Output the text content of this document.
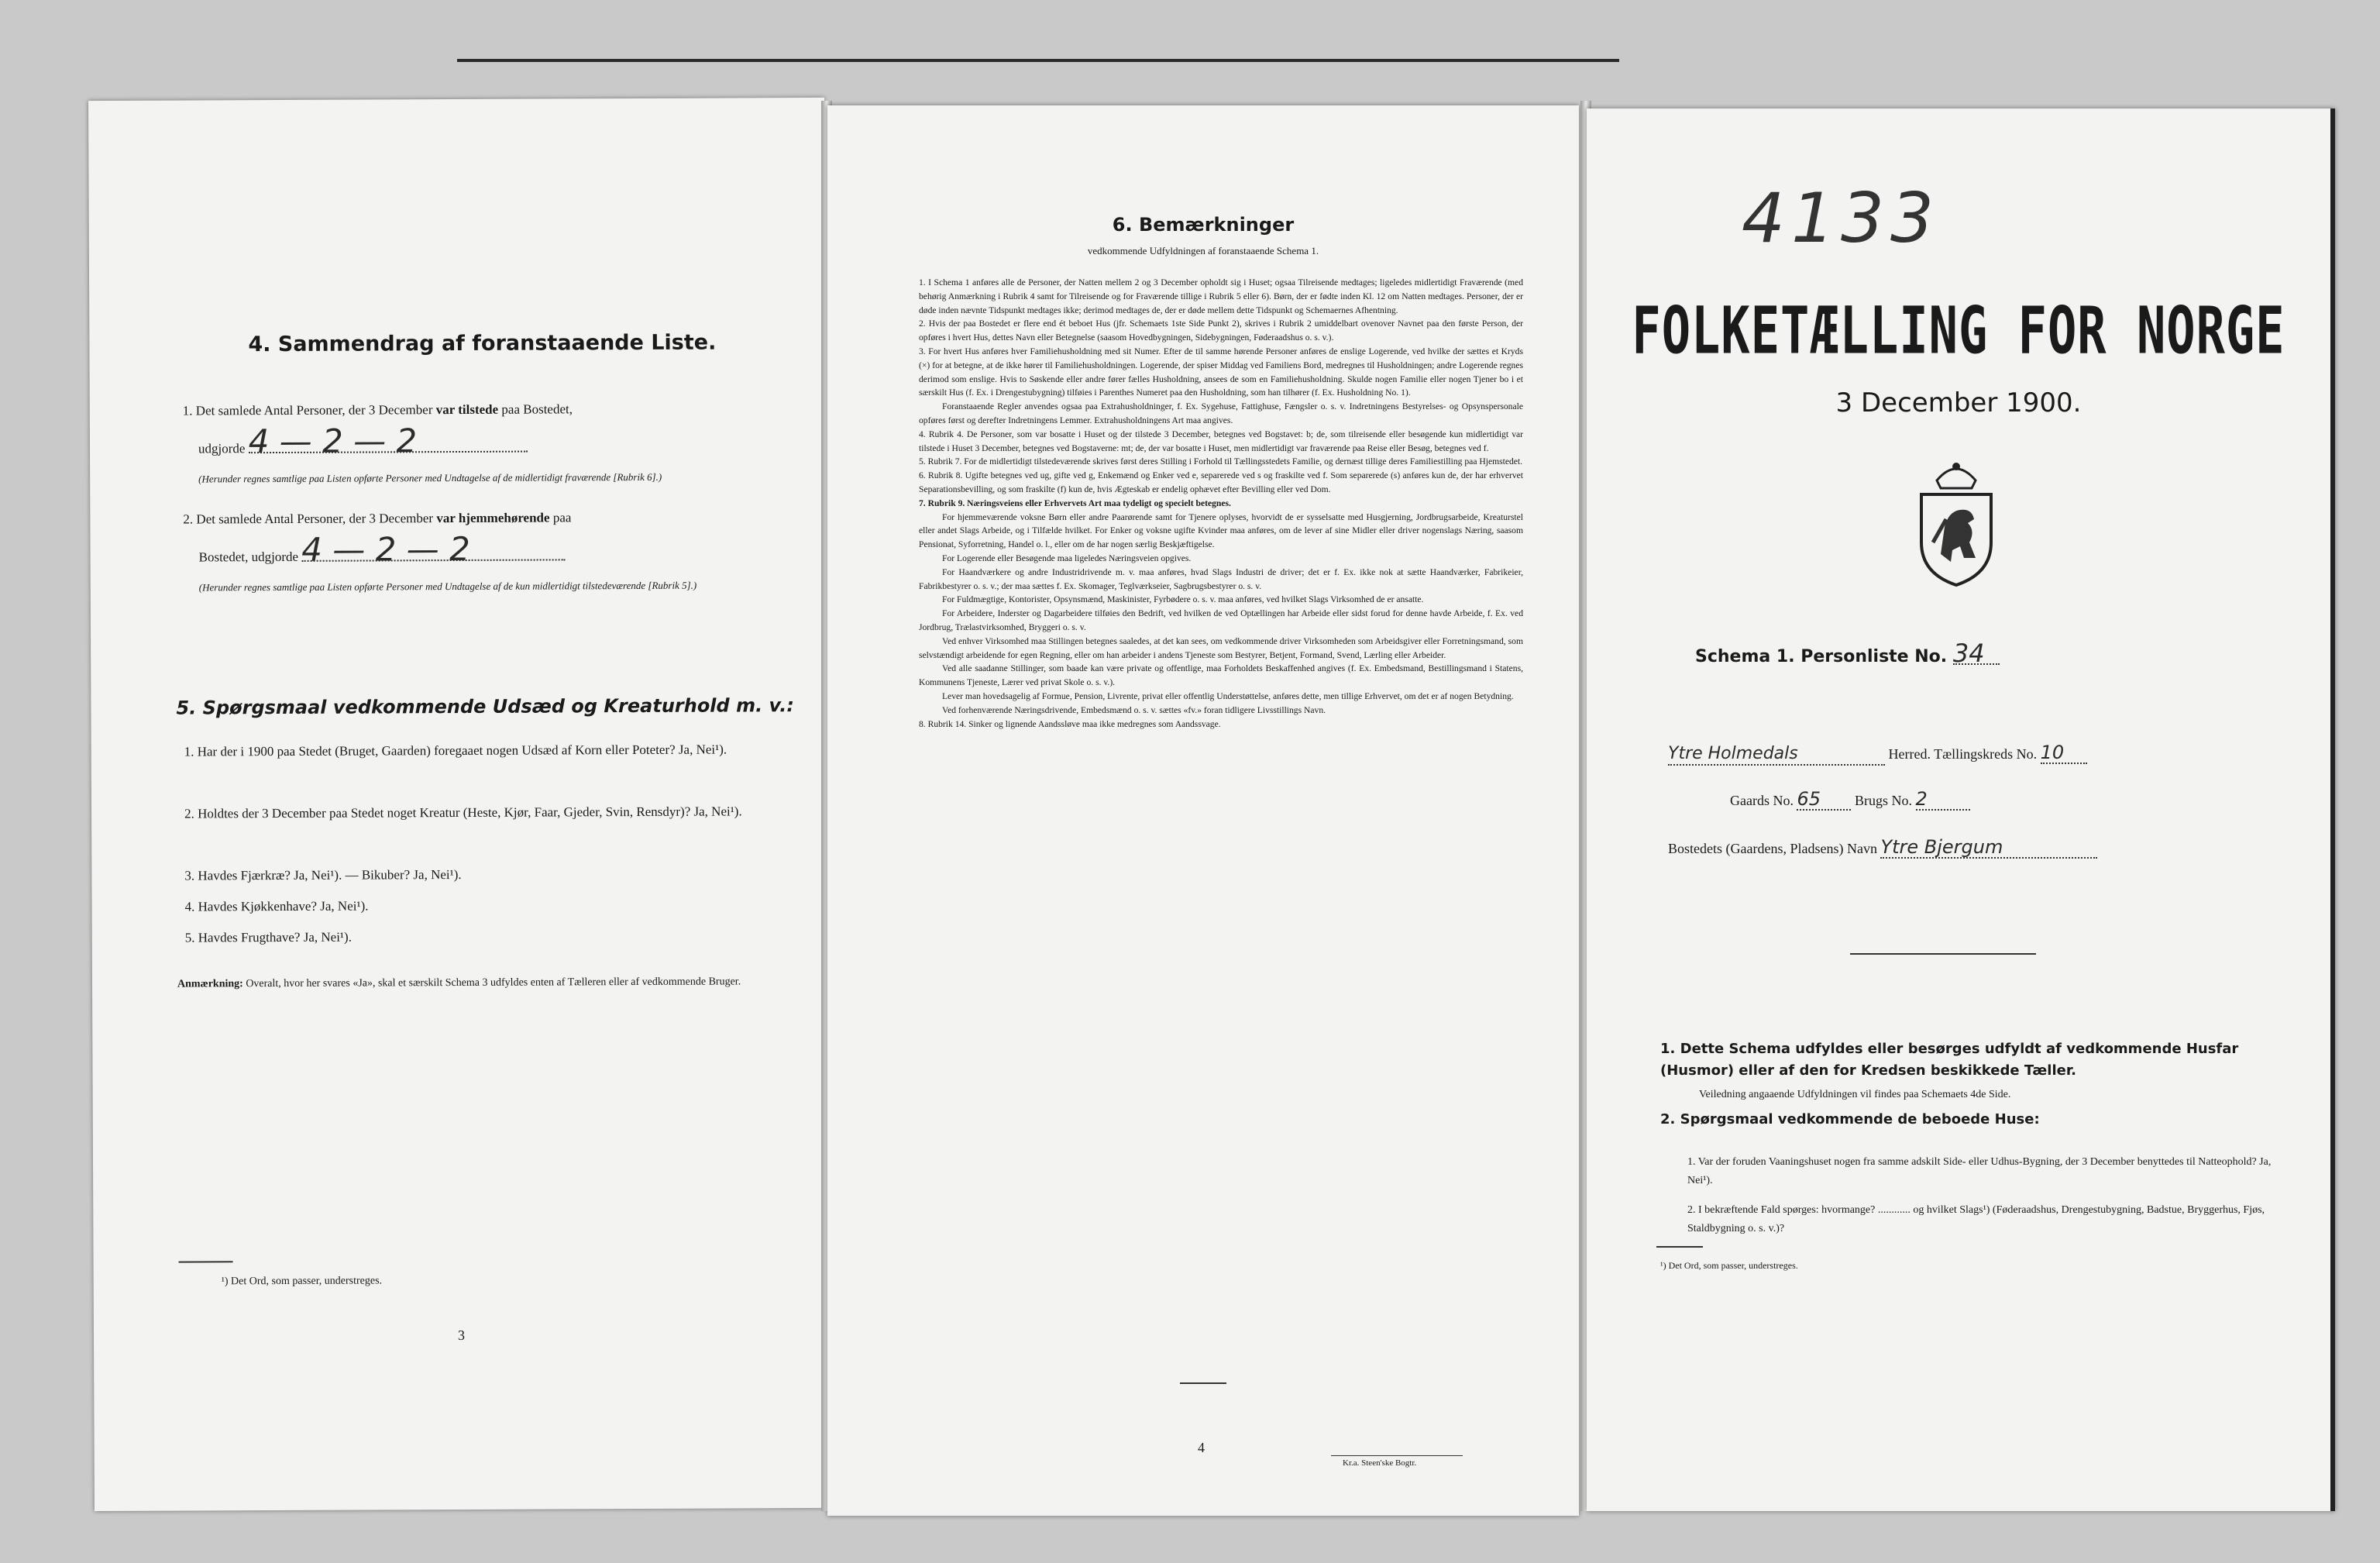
4. Sammendrag af foranstaaende Liste.
1. Det samlede Antal Personer, der 3 December var tilstede paa Bostedet,
udgjorde 4 — 2 — 2
(Herunder regnes samtlige paa Listen opførte Personer med Undtagelse af de midlertidigt fraværende [Rubrik 6].)
2. Det samlede Antal Personer, der 3 December var hjemmehørende paa
Bostedet, udgjorde 4 — 2 — 2
(Herunder regnes samtlige paa Listen opførte Personer med Undtagelse af de kun midlertidigt tilstedeværende [Rubrik 5].)
5. Spørgsmaal vedkommende Udsæd og Kreaturhold m. v.:
1. Har der i 1900 paa Stedet (Bruget, Gaarden) foregaaet nogen Udsæd af Korn eller Poteter? Ja, Nei¹).
2. Holdtes der 3 December paa Stedet noget Kreatur (Heste, Kjør, Faar, Gjeder, Svin, Rensdyr)? Ja, Nei¹).
3. Havdes Fjærkræ? Ja, Nei¹). — Bikuber? Ja, Nei¹).
4. Havdes Kjøkkenhave? Ja, Nei¹).
5. Havdes Frugthave? Ja, Nei¹).
Anmærkning: Overalt, hvor her svares «Ja», skal et særskilt Schema 3 udfyldes enten af Tælleren eller af vedkommende Bruger.
¹) Det Ord, som passer, understreges.
3
6. Bemærkninger
vedkommende Udfyldningen af foranstaaende Schema 1.

1. I Schema 1 anføres alle de Personer, der Natten mellem 2 og 3 December opholdt sig i Huset; ogsaa Tilreisende medtages; ligeledes midlertidigt Fraværende (med behørig Anmærkning i Rubrik 4 samt for Tilreisende og for Fraværende tillige i Rubrik 5 eller 6). Børn, der er fødte inden Kl. 12 om Natten medtages. Personer, der er døde inden nævnte Tidspunkt medtages ikke; derimod medtages de, der er døde mellem dette Tidspunkt og Schemaernes Afhentning.

2. Hvis der paa Bostedet er flere end ét beboet Hus (jfr. Schemaets 1ste Side Punkt 2), skrives i Rubrik 2 umiddelbart ovenover Navnet paa den første Person, der opføres i hvert Hus, dettes Navn eller Betegnelse (saasom Hovedbygningen, Sidebygningen, Føderaadshus o. s. v.).

3. For hvert Hus anføres hver Familiehusholdning med sit Numer. Efter de til samme hørende Personer anføres de enslige Logerende, ved hvilke der sættes et Kryds (×) for at betegne, at de ikke hører til Familiehusholdningen. Logerende, der spiser Middag ved Familiens Bord, medregnes til Husholdningen; andre Logerende regnes derimod som enslige. Hvis to Søskende eller andre fører fælles Husholdning, ansees de som en Familiehusholdning. Skulde nogen Familie eller nogen Tjener bo i et særskilt Hus (f. Ex. i Drengestubygning) tilføies i Parenthes Numeret paa den Husholdning, som han tilhører (f. Ex. Husholdning No. 1).

Foranstaaende Regler anvendes ogsaa paa Extrahusholdninger, f. Ex. Sygehuse, Fattighuse, Fængsler o. s. v. Indretningens Bestyrelses- og Opsynspersonale opføres først og derefter Indretningens Lemmer. Extrahusholdningens Art maa angives.

4. Rubrik 4. De Personer, som var bosatte i Huset og der tilstede 3 December, betegnes ved Bogstavet: b; de, som tilreisende eller besøgende kun midlertidigt var tilstede i Huset 3 December, betegnes ved Bogstaverne: mt; de, der var bosatte i Huset, men midlertidigt var fraværende paa Reise eller Besøg, betegnes ved f.

5. Rubrik 7. For de midlertidigt tilstedeværende skrives først deres Stilling i Forhold til Tællingsstedets Familie, og dernæst tillige deres Familiestilling paa Hjemstedet.

6. Rubrik 8. Ugifte betegnes ved ug, gifte ved g, Enkemænd og Enker ved e, separerede ved s og fraskilte ved f. Som separerede (s) anføres kun de, der har erhvervet Separationsbevilling, og som fraskilte (f) kun de, hvis Ægteskab er endelig ophævet efter Bevilling eller ved Dom.

7. Rubrik 9. Næringsveiens eller Erhvervets Art maa tydeligt og specielt betegnes.

For hjemmeværende voksne Børn eller andre Paarørende samt for Tjenere oplyses, hvorvidt de er sysselsatte med Husgjerning, Jordbrugsarbeide, Kreaturstel eller andet Slags Arbeide, og i Tilfælde hvilket. For Enker og voksne ugifte Kvinder maa anføres, om de lever af sine Midler eller driver nogenslags Næring, saasom Pensionat, Syforretning, Handel o. l., eller om de har nogen særlig Beskjæftigelse.

For Logerende eller Besøgende maa ligeledes Næringsveien opgives.

For Haandværkere og andre Industridrivende m. v. maa anføres, hvad Slags Industri de driver; det er f. Ex. ikke nok at sætte Haandværker, Fabrikeier, Fabrikbestyrer o. s. v.; der maa sættes f. Ex. Skomager, Teglværkseier, Sagbrugsbestyrer o. s. v.

For Fuldmægtige, Kontorister, Opsynsmænd, Maskinister, Fyrbødere o. s. v. maa anføres, ved hvilket Slags Virksomhed de er ansatte.

For Arbeidere, Inderster og Dagarbeidere tilføies den Bedrift, ved hvilken de ved Optællingen har Arbeide eller sidst forud for denne havde Arbeide, f. Ex. ved Jordbrug, Trælastvirksomhed, Bryggeri o. s. v.

Ved enhver Virksomhed maa Stillingen betegnes saaledes, at det kan sees, om vedkommende driver Virksomheden som Arbeidsgiver eller Forretningsmand, som selvstændigt arbeidende for egen Regning, eller om han arbeider i andens Tjeneste som Bestyrer, Betjent, Formand, Svend, Lærling eller Arbeider.

Ved alle saadanne Stillinger, som baade kan være private og offentlige, maa Forholdets Beskaffenhed angives (f. Ex. Embedsmand, Bestillingsmand i Statens, Kommunens Tjeneste, Lærer ved privat Skole o. s. v.).

Lever man hovedsagelig af Formue, Pension, Livrente, privat eller offentlig Understøttelse, anføres dette, men tillige Erhvervet, om det er af nogen Betydning.

Ved forhenværende Næringsdrivende, Embedsmænd o. s. v. sættes «fv.» foran tidligere Livsstillings Navn.

8. Rubrik 14. Sinker og lignende Aandssløve maa ikke medregnes som Aandssvage.

4
Kr.a. Steen'ske Bogtr.
4133
FOLKETÆLLING FOR NORGE
3 December 1900.
Schema 1. Personliste No. 34
Ytre Holmedals	Herred. Tællingskreds No. 10
Gaards No. 65 Brugs No. 2
Bostedets (Gaardens, Pladsens) Navn Ytre Bjergum
1. Dette Schema udfyldes eller besørges udfyldt af vedkommende Husfar (Husmor) eller af den for Kredsen beskikkede Tæller.
Veiledning angaaende Udfyldningen vil findes paa Schemaets 4de Side.
2. Spørgsmaal vedkommende de beboede Huse:
1. Var der foruden Vaaningshuset nogen fra samme adskilt Side- eller Udhus-Bygning, der 3 December benyttedes til Natteophold? Ja, Nei¹).
2. I bekræftende Fald spørges: hvormange? ............ og hvilket Slags¹) (Føderaadshus, Drengestubygning, Badstue, Bryggerhus, Fjøs, Staldbygning o. s. v.)?
¹) Det Ord, som passer, understreges.
